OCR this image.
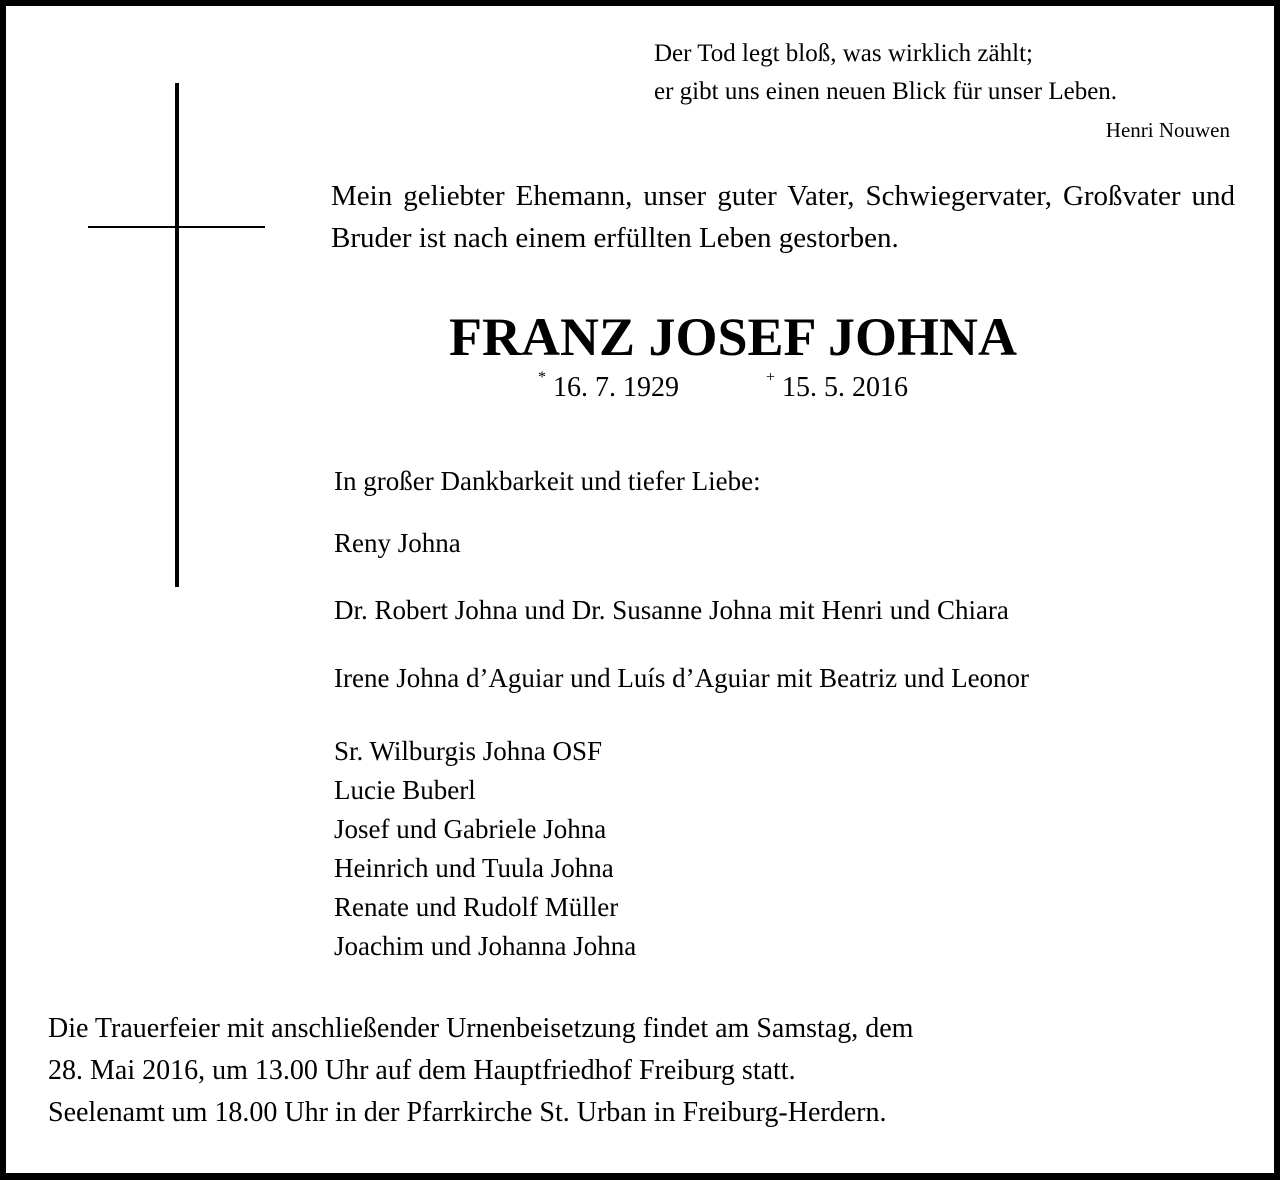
Der Tod legt bloß, was wirklich zählt;
er gibt uns einen neuen Blick für unser Leben.
Henri Nouwen
Mein geliebter Ehemann, unser guter Vater, Schwiegervater, Großvater und Bruder ist nach einem erfüllten Leben gestorben.
FRANZ JOSEF JOHNA
* 16. 7. 1929	+ 15. 5. 2016
In großer Dankbarkeit und tiefer Liebe:
Reny Johna
Dr. Robert Johna und Dr. Susanne Johna mit Henri und Chiara
Irene Johna d’Aguiar und Luís d’Aguiar mit Beatriz und Leonor
Sr. Wilburgis Johna OSF
Lucie Buberl
Josef und Gabriele Johna
Heinrich und Tuula Johna
Renate und Rudolf Müller
Joachim und Johanna Johna
Die Trauerfeier mit anschließender Urnenbeisetzung findet am Samstag, dem
28. Mai 2016, um 13.00 Uhr auf dem Hauptfriedhof Freiburg statt.
Seelenamt um 18.00 Uhr in der Pfarrkirche St. Urban in Freiburg-Herdern.
